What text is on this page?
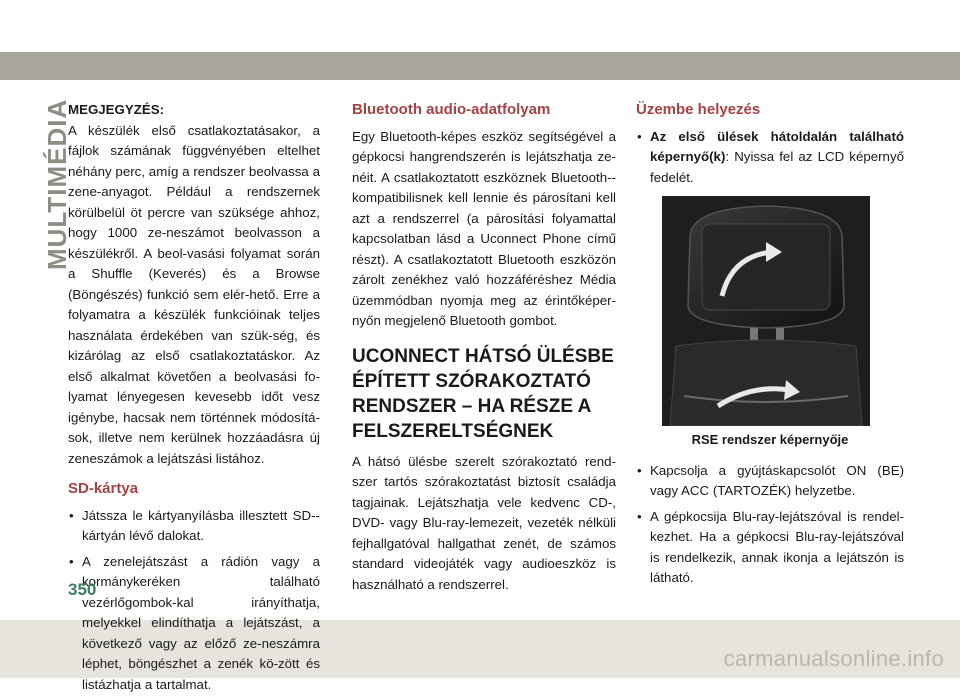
MULTIMÉDIA

MEGJEGYZÉS:

A készülék első csatlakoztatásakor, a fájlok számának függvényében eltelhet néhány perc, amíg a rendszer beolvassa a zene-anyagot. Például a rendszernek körülbelül öt percre van szüksége ahhoz, hogy 1000 ze-neszámot beolvasson a készülékről. A beol-vasási folyamat során a Shuffle (Keverés) és a Browse (Böngészés) funkció sem elér-hető. Erre a folyamatra a készülék funkcióinak teljes használata érdekében van szük-ség, és kizárólag az első csatlakoztatáskor. Az első alkalmat követően a beolvasási fo-lyamat lényegesen kevesebb időt vesz igénybe, hacsak nem történnek módosítá-sok, illetve nem kerülnek hozzáadásra új zeneszámok a lejátszási listához.

SD-kártya
• Játssza le kártyanyílásba illesztett SD--kártyán lévő dalokat.
• A zenelejátszást a rádión vagy a kormánykeréken található vezérlőgombok-kal irányíthatja, melyekkel elindíthatja a lejátszást, a következő vagy az előző ze-neszámra léphet, böngészhet a zenék kö-zött és listázhatja a tartalmat.
Bluetooth audio-adatfolyam

Egy Bluetooth-képes eszköz segítségével a gépkocsi hangrendszerén is lejátszhatja ze-néit. A csatlakoztatott eszköznek Bluetooth--kompatibilisnek kell lennie és párosítani kell azt a rendszerrel (a párosítási folyamattal kapcsolatban lásd a Uconnect Phone című részt). A csatlakoztatott Bluetooth eszközön zárolt zenékhez való hozzáféréshez Média üzemmódban nyomja meg az érintőképer-nyőn megjelenő Bluetooth gombot.

UCONNECT HÁTSÓ ÜLÉSBE ÉPÍTETT SZÓRAKOZTATÓ RENDSZER – HA RÉSZE A FELSZERELTSÉGNEK

A hátsó ülésbe szerelt szórakoztató rend-szer tartós szórakoztatást biztosít családja tagjainak. Lejátszhatja vele kedvenc CD-, DVD- vagy Blu-ray-lemezeit, vezeték nélküli fejhallgatóval hallgathat zenét, de számos standard videojáték vagy audioeszköz is használható a rendszerrel.

Üzembe helyezés
• Az első ülések hátoldalán található képernyő(k): Nyissa fel az LCD képernyő fedelét.
RSE rendszer képernyője
• Kapcsolja a gyújtáskapcsolót ON (BE) vagy ACC (TARTOZÉK) helyzetbe.
• A gépkocsija Blu-ray-lejátszóval is rendel-kezhet. Ha a gépkocsi Blu-ray-lejátszóval is rendelkezik, annak ikonja a lejátszón is látható.
350
carmanualsonline.info
